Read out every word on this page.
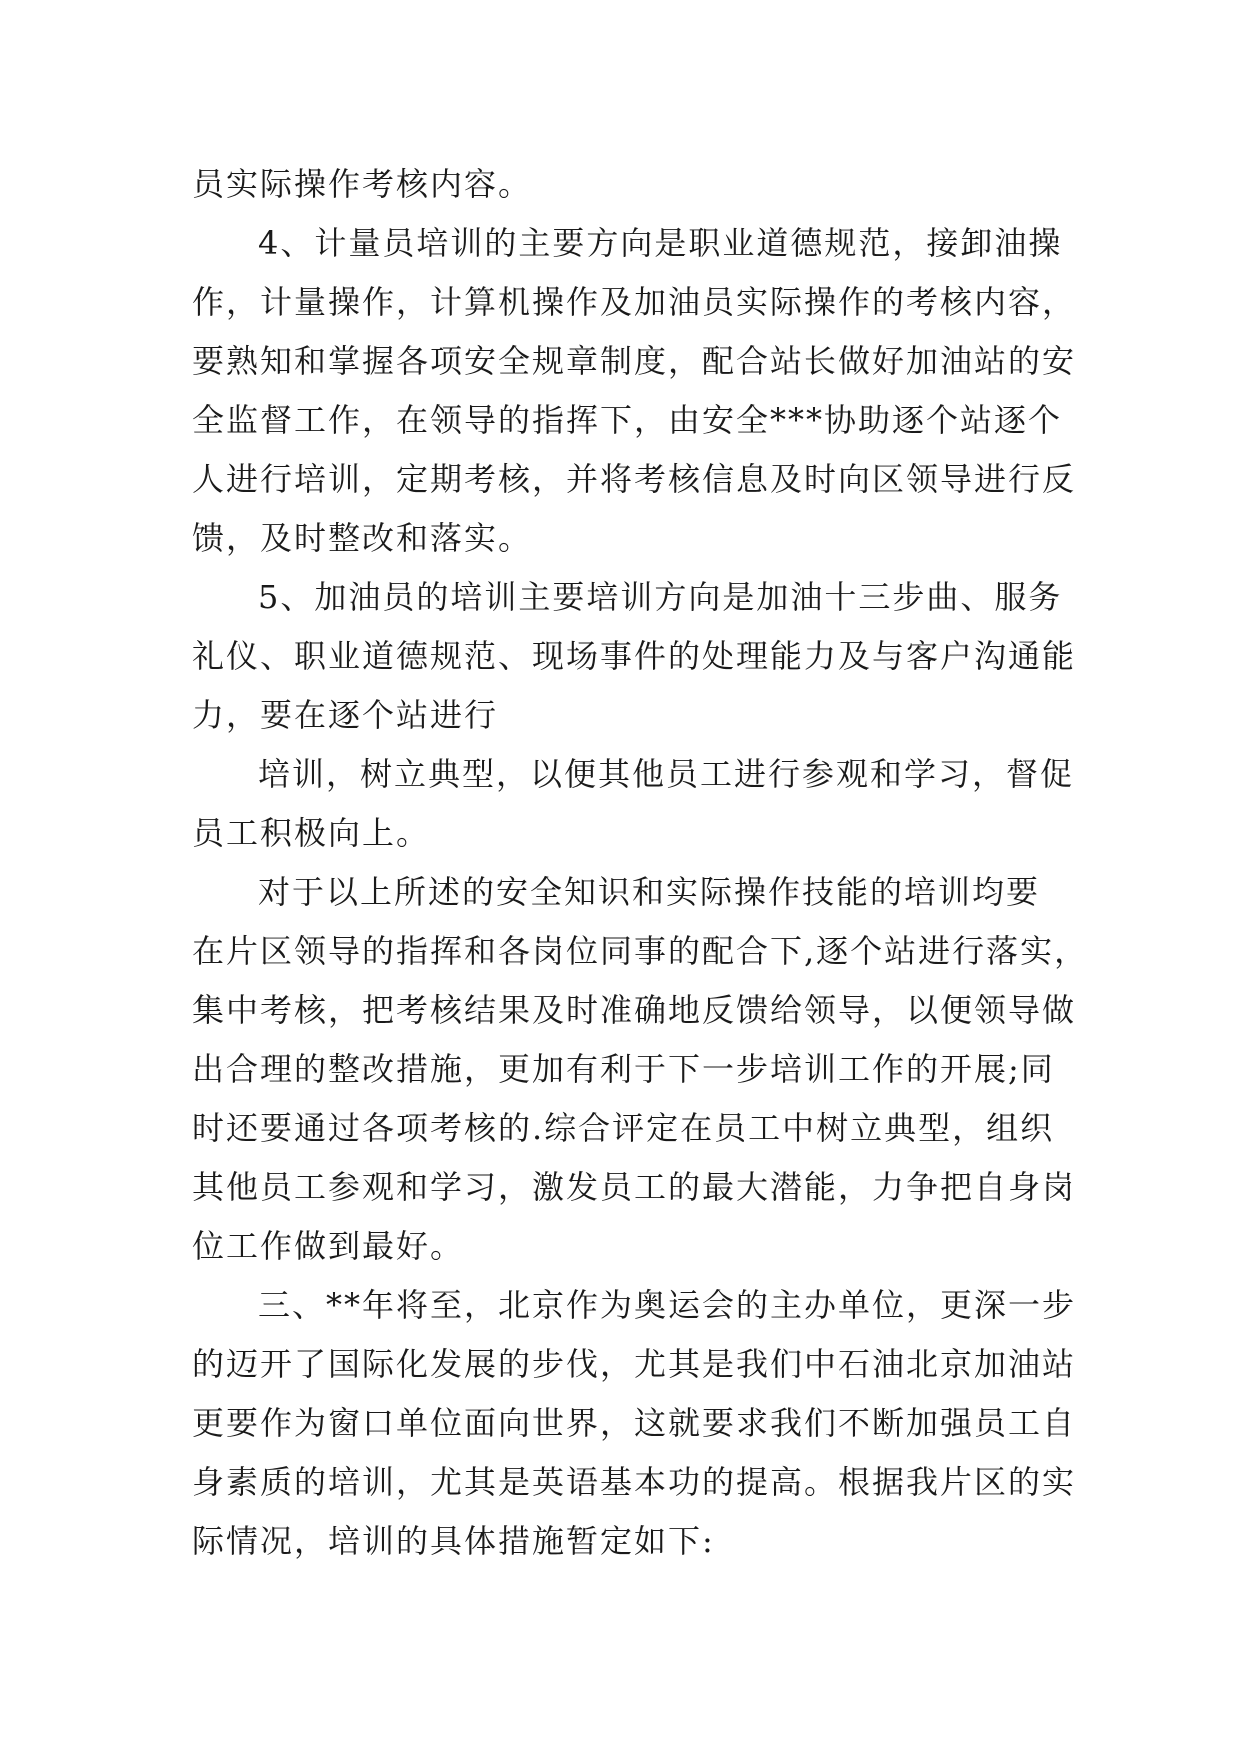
员实际操作考核内容。
4、计量员培训的主要方向是职业道德规范，接卸油操
作，计量操作，计算机操作及加油员实际操作的考核内容，
要熟知和掌握各项安全规章制度，配合站长做好加油站的安
全监督工作，在领导的指挥下，由安全***协助逐个站逐个
人进行培训，定期考核，并将考核信息及时向区领导进行反
馈，及时整改和落实。
5、加油员的培训主要培训方向是加油十三步曲、服务
礼仪、职业道德规范、现场事件的处理能力及与客户沟通能
力，要在逐个站进行
培训，树立典型，以便其他员工进行参观和学习，督促
员工积极向上。
对于以上所述的安全知识和实际操作技能的培训均要
在片区领导的指挥和各岗位同事的配合下,逐个站进行落实，
集中考核，把考核结果及时准确地反馈给领导，以便领导做
出合理的整改措施，更加有利于下一步培训工作的开展;同
时还要通过各项考核的.综合评定在员工中树立典型，组织
其他员工参观和学习，激发员工的最大潜能，力争把自身岗
位工作做到最好。
三、**年将至，北京作为奥运会的主办单位，更深一步
的迈开了国际化发展的步伐，尤其是我们中石油北京加油站
更要作为窗口单位面向世界，这就要求我们不断加强员工自
身素质的培训，尤其是英语基本功的提高。根据我片区的实
际情况，培训的具体措施暂定如下:
